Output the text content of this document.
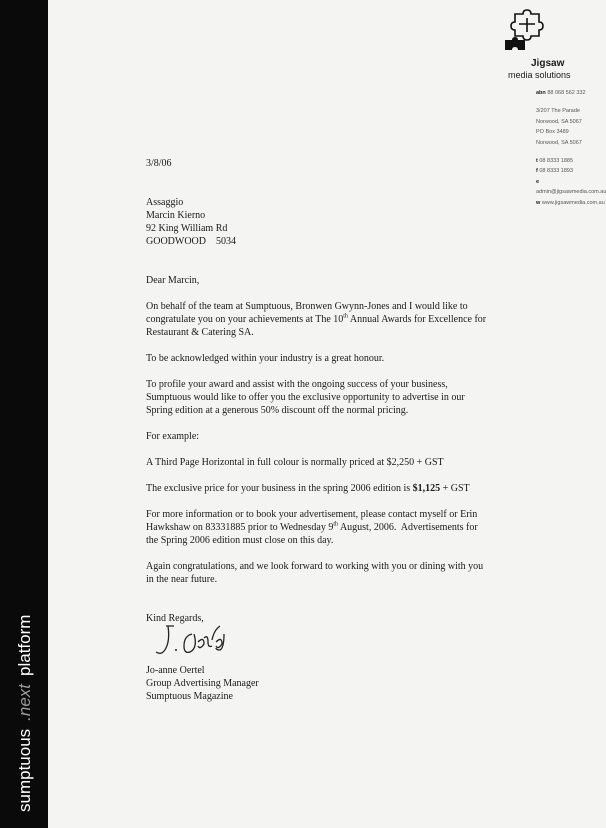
sumptuous.nextplatform
Jigsaw
media solutions
abn 88 068 562 332
3/207 The Parade
Norwood, SA 5067
PO Box 3489
Norwood, SA 5067
t 08 8333 1885
f 08 8333 1893
e admin@jigsawmedia.com.au
w www.jigsawmedia.com.au
3/8/06
Assaggio
Marcin Kierno
92 King William Rd
GOODWOOD    5034
Dear Marcin,
On behalf of the team at Sumptuous, Bronwen Gwynn-Jones and I would like to
congratulate you on your achievements at The 10th Annual Awards for Excellence for
Restaurant & Catering SA.
To be acknowledged within your industry is a great honour.
To profile your award and assist with the ongoing success of your business,
Sumptuous would like to offer you the exclusive opportunity to advertise in our
Spring edition at a generous 50% discount off the normal pricing.
For example:
A Third Page Horizontal in full colour is normally priced at $2,250 + GST
The exclusive price for your business in the spring 2006 edition is $1,125 + GST
For more information or to book your advertisement, please contact myself or Erin
Hawkshaw on 83331885 prior to Wednesday 9th August, 2006.  Advertisements for
the Spring 2006 edition must close on this day.
Again congratulations, and we look forward to working with you or dining with you
in the near future.
Kind Regards,
Jo-anne Oertel
Group Advertising Manager
Sumptuous Magazine
